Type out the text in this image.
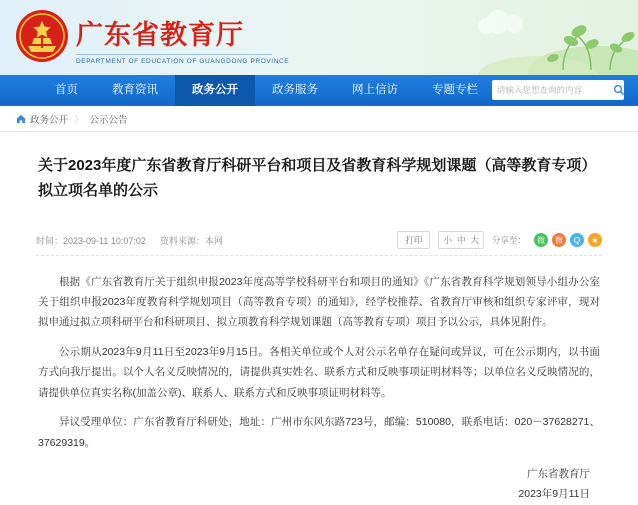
广东省教育厅
DEPARTMENT OF EDUCATION OF GUANGDONG PROVINCE
首页	教育资讯	政务公开	政务服务	网上信访	专题专栏
请输入您想查询的内容
政务公开 〉 公示公告
关于2023年度广东省教育厅科研平台和项目及省教育科学规划课题（高等教育专项）拟立项名单的公示
时间：2023-09-11 10:07:02 资料来源：本网	打印	小 中 大 分享至：	微	微	Q	★

根据《广东省教育厅关于组织申报2023年度高等学校科研平台和项目的通知》《广东省教育科学规划领导小组办公室关于组织申报2023年度教育科学规划项目（高等教育专项）的通知》，经学校推荐、省教育厅审核和组织专家评审，现对拟申通过拟立项科研平台和科研项目、拟立项教育科学规划课题（高等教育专项）项目予以公示，具体见附件。

公示期从2023年9月11日至2023年9月15日。各相关单位或个人对公示名单存在疑问或异议，可在公示期内，以书面方式向我厅提出。以个人名义反映情况的，请提供真实姓名、联系方式和反映事项证明材料等；以单位名义反映情况的，请提供单位真实名称(加盖公章)、联系人、联系方式和反映事项证明材料等。

异议受理单位：广东省教育厅科研处，地址：广州市东风东路723号，邮编：510080，联系电话：020－37628271、37629319。

广东省教育厅
2023年9月11日
